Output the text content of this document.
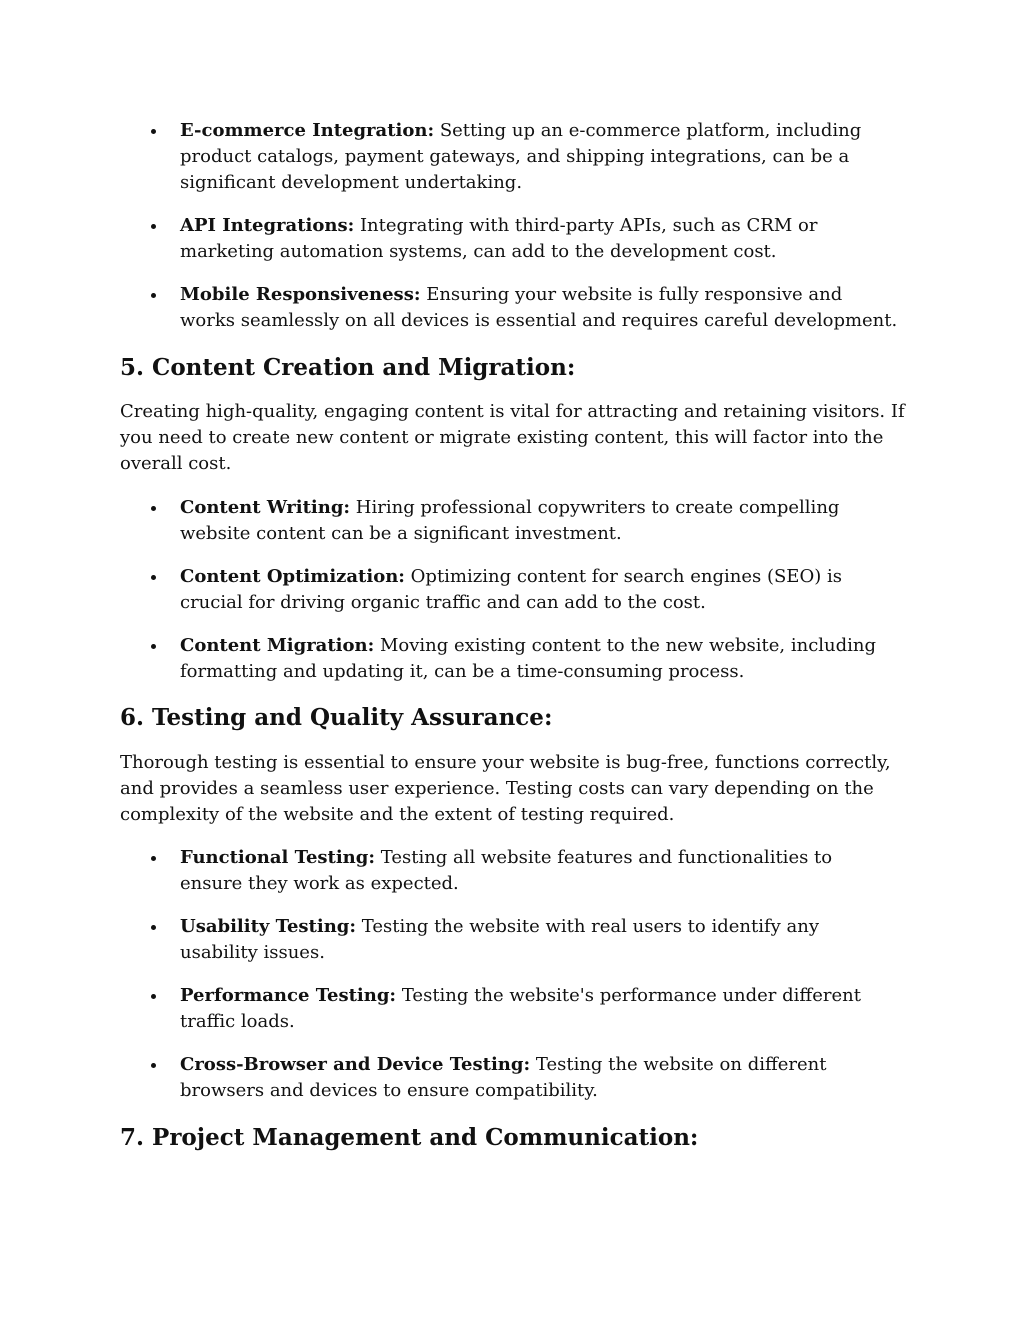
E-commerce Integration: Setting up an e-commerce platform, including product catalogs, payment gateways, and shipping integrations, can be a significant development undertaking.
API Integrations: Integrating with third-party APIs, such as CRM or marketing automation systems, can add to the development cost.
Mobile Responsiveness: Ensuring your website is fully responsive and works seamlessly on all devices is essential and requires careful development.
5. Content Creation and Migration:

Creating high-quality, engaging content is vital for attracting and retaining visitors. If you need to create new content or migrate existing content, this will factor into the overall cost.

Content Writing: Hiring professional copywriters to create compelling website content can be a significant investment.
Content Optimization: Optimizing content for search engines (SEO) is crucial for driving organic traffic and can add to the cost.
Content Migration: Moving existing content to the new website, including formatting and updating it, can be a time-consuming process.
6. Testing and Quality Assurance:

Thorough testing is essential to ensure your website is bug-free, functions correctly, and provides a seamless user experience. Testing costs can vary depending on the complexity of the website and the extent of testing required.

Functional Testing: Testing all website features and functionalities to ensure they work as expected.
Usability Testing: Testing the website with real users to identify any usability issues.
Performance Testing: Testing the website's performance under different traffic loads.
Cross-Browser and Device Testing: Testing the website on different browsers and devices to ensure compatibility.
7. Project Management and Communication:
